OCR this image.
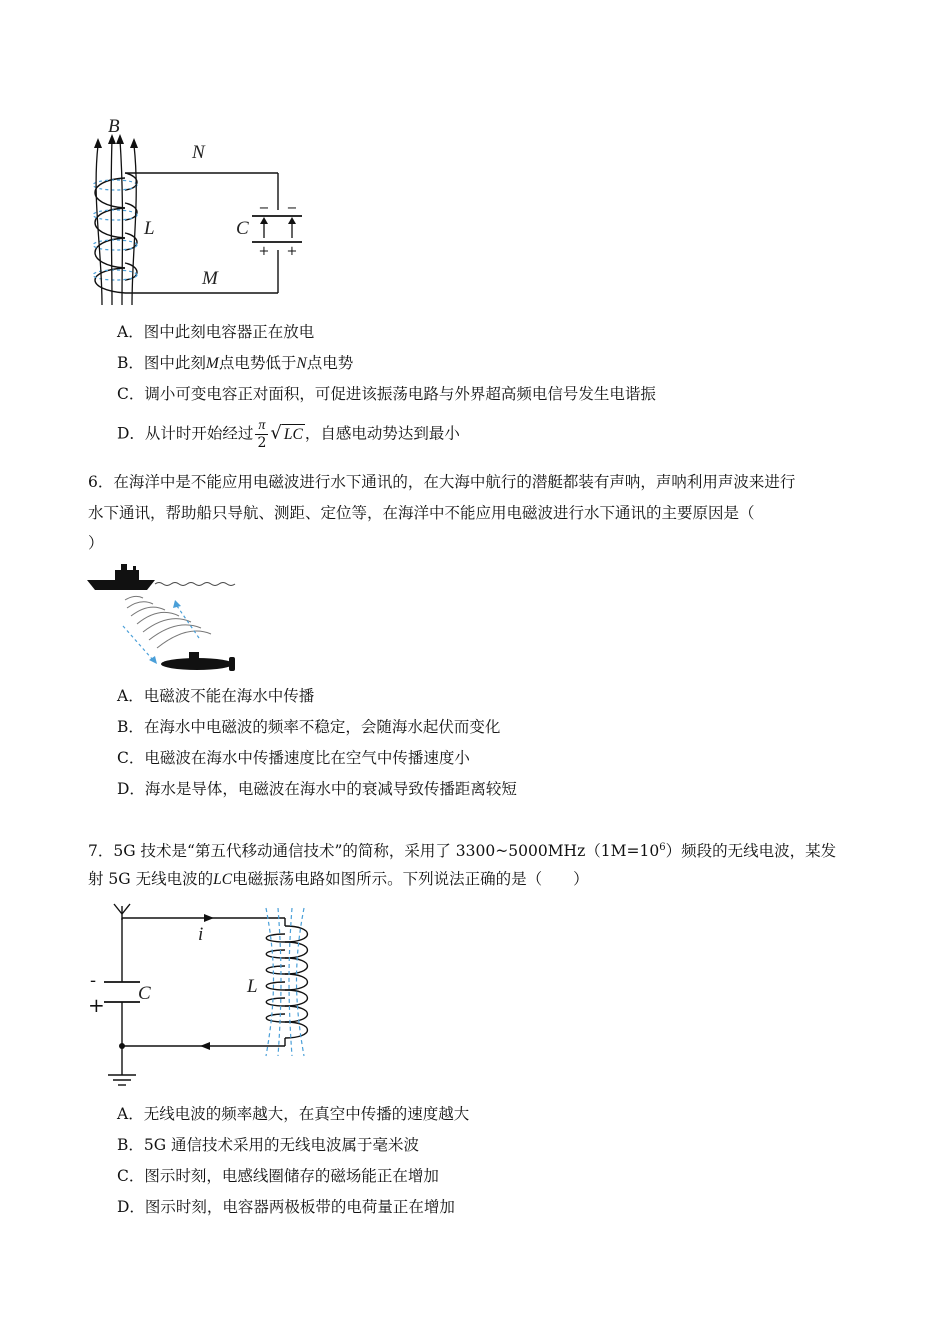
− −
+ +
B
N
L	C
M
A．图中此刻电容器正在放电
B．图中此刻M点电势低于N点电势
C．调小可变电容正对面积，可促进该振荡电路与外界超高频电信号发生电谐振
D．从计时开始经过 $\frac{\pi}{2}$ √ LC ，自感电动势达到最小
6．在海洋中是不能应用电磁波进行水下通讯的，在大海中航行的潜艇都装有声呐，声呐利用声波来进行
水下通讯，帮助船只导航、测距、定位等，在海洋中不能应用电磁波进行水下通讯的主要原因是（
）
A．电磁波不能在海水中传播
B．在海水中电磁波的频率不稳定，会随海水起伏而变化
C．电磁波在海水中传播速度比在空气中传播速度小
D．海水是导体，电磁波在海水中的衰减导致传播距离较短
7．5G 技术是“第五代移动通信技术”的简称，采用了 $3300\sim 5000MHz(1M=10^6)$频段的无线电波，某发
射 5G 无线电波的LC电磁振荡电路如图所示。下列说法正确的是（　　）
i
C	L
-
+
A．无线电波的频率越大，在真空中传播的速度越大
B．5G 通信技术采用的无线电波属于毫米波
C．图示时刻，电感线圈储存的磁场能正在增加
D．图示时刻，电容器两极板带的电荷量正在增加
